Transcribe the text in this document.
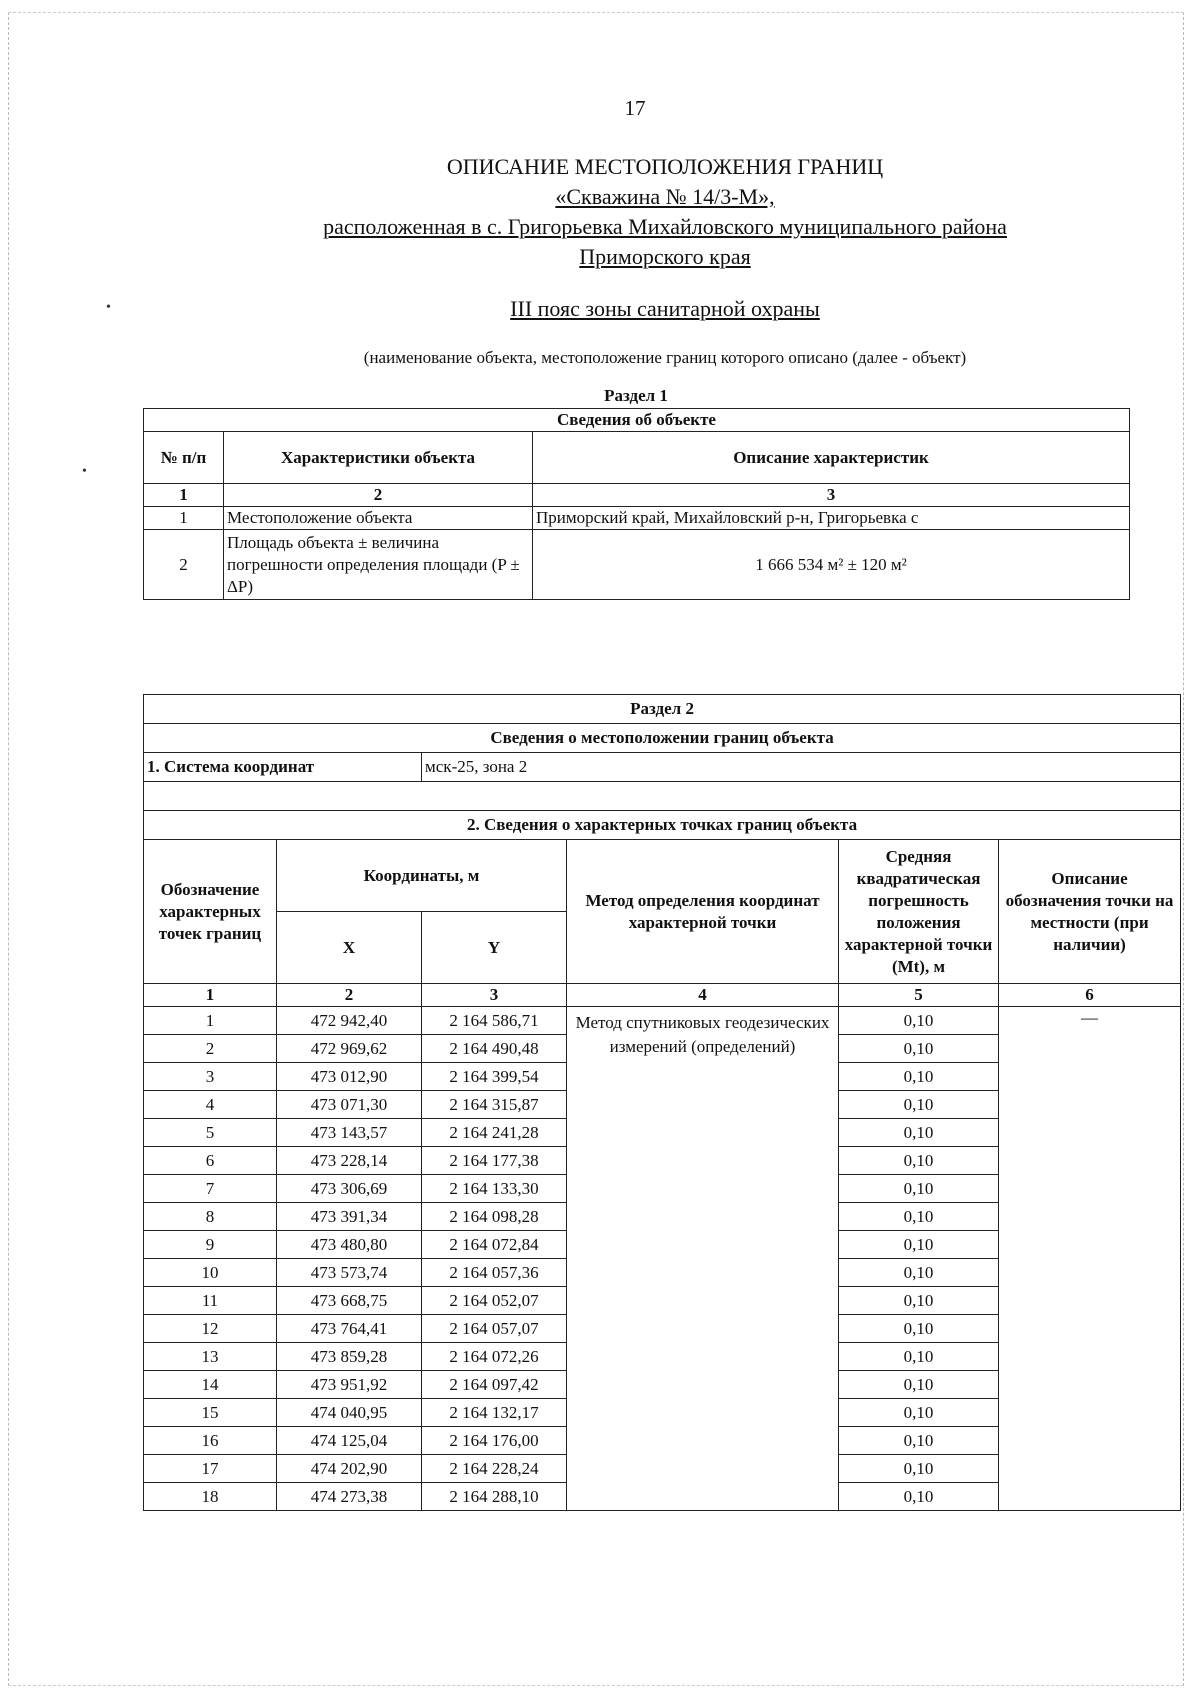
•
•
17
ОПИСАНИЕ МЕСТОПОЛОЖЕНИЯ ГРАНИЦ
«Скважина № 14/3-М»,
расположенная в с. Григорьевка Михайловского муниципального района
Приморского края
III пояс зоны санитарной охраны
(наименование объекта, местоположение границ которого описано (далее - объект)
Раздел 1
Сведения об объекте		
№ п/п	Характеристики объекта	Описание характеристик
1	2	3
1	Местоположение объекта	Приморский край, Михайловский р-н, Григорьевка с
2	Площадь объекта ± величина погрешности определения площади (P ± ΔP)	1 666 534 м² ± 120 м²
Раздел 2					
Сведения о местоположении границ объекта					
1. Система координат		мск-25, зона 2			

2. Сведения о характерных точках границ объекта					
Обозначение характерных точек границ	Координаты, м		Метод определения координат характерной точки	Средняя квадратическая погрешность положения характерной точки (Mt), м	Описание обозначения точки на местности (при наличии)
	X	Y			
1	2	3	4	5	6
1	472 942,40	2 164 586,71	Метод спутниковых геодезических измерений (определений)	0,10	—
2	472 969,62	2 164 490,48		0,10	
3	473 012,90	2 164 399,54		0,10	
4	473 071,30	2 164 315,87		0,10	
5	473 143,57	2 164 241,28		0,10	
6	473 228,14	2 164 177,38		0,10	
7	473 306,69	2 164 133,30		0,10	
8	473 391,34	2 164 098,28		0,10	
9	473 480,80	2 164 072,84		0,10	
10	473 573,74	2 164 057,36		0,10	
11	473 668,75	2 164 052,07		0,10	
12	473 764,41	2 164 057,07		0,10	
13	473 859,28	2 164 072,26		0,10	
14	473 951,92	2 164 097,42		0,10	
15	474 040,95	2 164 132,17		0,10	
16	474 125,04	2 164 176,00		0,10	
17	474 202,90	2 164 228,24		0,10	
18	474 273,38	2 164 288,10		0,10	
